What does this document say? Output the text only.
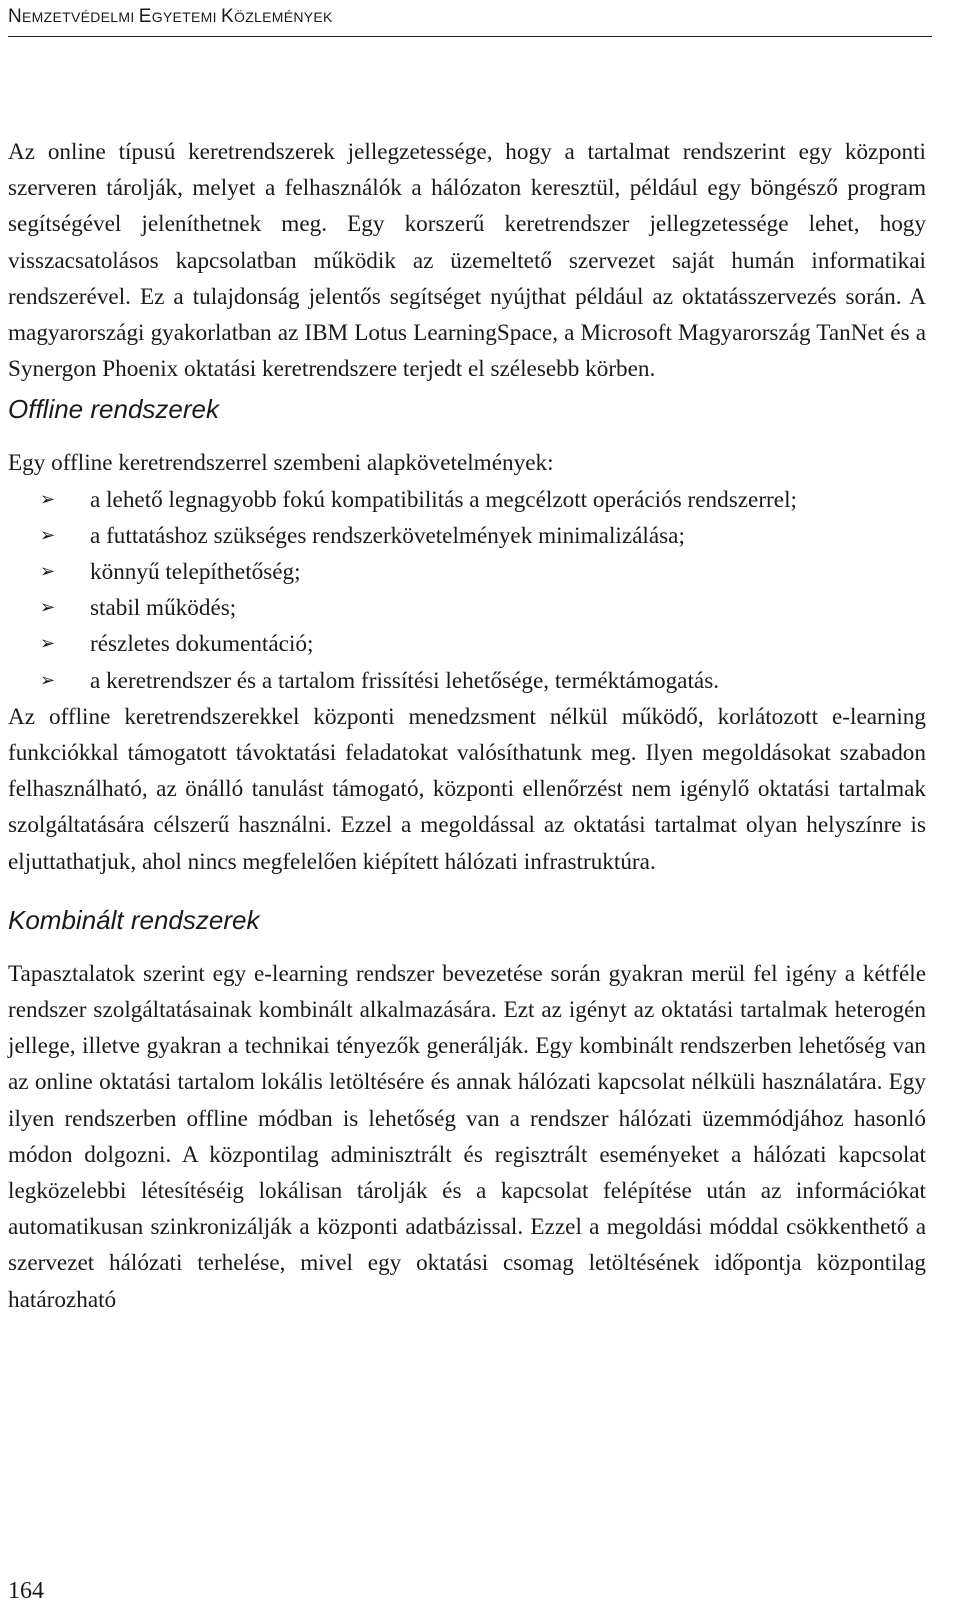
NEMZETVÉDELMI EGYETEMI KÖZLEMÉNYEK

Az online típusú keretrendszerek jellegzetessége, hogy a tartalmat rendszerint egy központi szerveren tárolják, melyet a felhasználók a hálózaton keresztül, például egy böngésző program segítségével jeleníthetnek meg. Egy korszerű keretrendszer jellegzetessége lehet, hogy visszacsatolásos kapcsolatban működik az üzemeltető szervezet saját humán informatikai rendszerével. Ez a tulajdonság jelentős segítséget nyújthat például az oktatásszervezés során. A magyarországi gyakorlatban az IBM Lotus LearningSpace, a Microsoft Magyarország TanNet és a Synergon Phoenix oktatási keretrendszere terjedt el szélesebb körben.

Offline rendszerek

Egy offline keretrendszerrel szembeni alapkövetelmények:

➢ a lehető legnagyobb fokú kompatibilitás a megcélzott operációs rendszerrel;
➢ a futtatáshoz szükséges rendszerkövetelmények minimalizálása;
➢ könnyű telepíthetőség;
➢ stabil működés;
➢ részletes dokumentáció;
➢ a keretrendszer és a tartalom frissítési lehetősége, terméktámogatás.

Az offline keretrendszerekkel központi menedzsment nélkül működő, korlátozott e-learning funkciókkal támogatott távoktatási feladatokat valósíthatunk meg. Ilyen megoldásokat szabadon felhasználható, az önálló tanulást támogató, központi ellenőrzést nem igénylő oktatási tartalmak szolgáltatására célszerű használni. Ezzel a megoldással az oktatási tartalmat olyan helyszínre is eljuttathatjuk, ahol nincs megfelelően kiépített hálózati infrastruktúra.

Kombinált rendszerek

Tapasztalatok szerint egy e-learning rendszer bevezetése során gyakran merül fel igény a kétféle rendszer szolgáltatásainak kombinált alkalmazására. Ezt az igényt az oktatási tartalmak heterogén jellege, illetve gyakran a technikai tényezők generálják. Egy kombinált rendszerben lehetőség van az online oktatási tartalom lokális letöltésére és annak hálózati kapcsolat nélküli használatára. Egy ilyen rendszerben offline módban is lehetőség van a rendszer hálózati üzemmódjához hasonló módon dolgozni. A központilag adminisztrált és regisztrált eseményeket a hálózati kapcsolat legközelebbi létesítéséig lokálisan tárolják és a kapcsolat felépítése után az információkat automatikusan szinkronizálják a központi adatbázissal. Ezzel a megoldási móddal csökkenthető a szervezet hálózati terhelése, mivel egy oktatási csomag letöltésének időpontja központilag határozható

164
